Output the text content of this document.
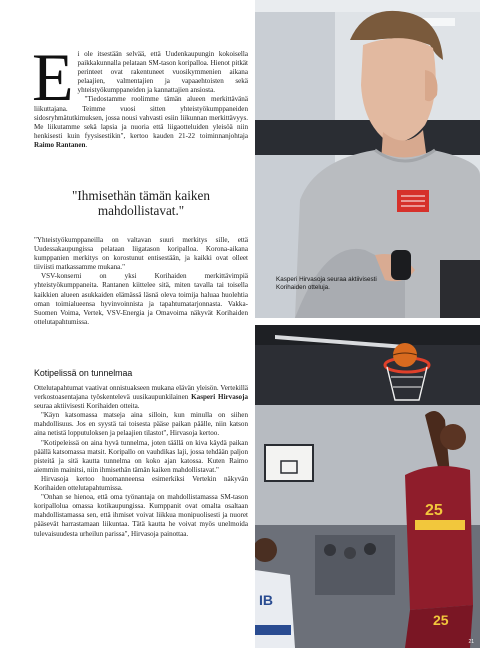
E i ole itsestään selvää, että Uudenkaupungin kokoisella paikkakunnalla pelataan SM-tason koripalloa. Hienot pitkät perinteet ovat rakentuneet vuosikymmenien aikana pelaajien, valmentajien ja vapaaehtoisten sekä yhteistyökumppaneiden ja kannattajien ansiosta.

"Tiedostamme roolimme tämän alueen merkittävänä liikuttajana. Teimme vuosi sitten yhteistyökumppaneiden sidosryhmätutkimuksen, jossa nousi vahvasti esiin liikunnan merkittävyys. Me liikutamme sekä lapsia ja nuoria että liigaotteluiden yleisöä niin henkisesti kuin fyysisestikin", kertoo kauden 21-22 toiminnanjohtaja Raimo Rantanen.

"Ihmisethän tämän kaiken mahdollistavat."

"Yhteistyökumppaneilla on valtavan suuri merkitys sille, että Uudessakaupungissa pelataan liigatason koripalloa. Korona-aikana kumppanien merkitys on korostunut entisestään, ja kaikki ovat olleet tiiviisti matkassamme mukana."

VSV-konserni on yksi Korihaiden merkittävimpiä yhteistyökumppaneita. Rantanen kiittelee sitä, miten tavalla tai toisella kaikkien alueen asukkaiden elämässä läsnä oleva toimija haluaa huolehtia oman toimialueensa hyvinvoinnista ja tapahtumatarjonnasta. Vakka-Suomen Voima, Vertek, VSV-Energia ja Omavoima näkyvät Korihaiden ottelutapahtumissa.

Kotipelissä on tunnelmaa

Ottelutapahtumat vaativat onnistuakseen mukana elävän yleisön. Vertekillä verkostoasentajana työskentelevä uusikaupunkilainen Kasperi Hirvasoja seuraa aktiivisesti Korihaiden otteita.

"Käyn katsomassa matseja aina silloin, kun minulla on siihen mahdollisuus. Jos en syystä tai toisesta pääse paikan päälle, niin katson aina netistä lopputuloksen ja pelaajien tilastot", Hirvasoja kertoo.

"Kotipeleissä on aina hyvä tunnelma, joten täällä on kiva käydä paikan päällä katsomassa matsit. Koripallo on vauhdikas laji, jossa tehdään paljon pisteitä ja sitä kautta tunnelma on koko ajan katossa. Kuten Raimo aiemmin mainitsi, niin ihmisethän tämän kaiken mahdollistavat."

Hirvasoja kertoo huomanneensa esimerkiksi Vertekin näkyvän Korihaiden ottelutapahtumissa.

"Onhan se hienoa, että oma työnantaja on mahdollistamassa SM-tason koripallolua omassa kotikaupungissa. Kumppanit ovat omalta osaltaan mahdollistamassa sen, että ihmiset voivat liikkua monipuolisesti ja nuoret pääsevät harrastamaan liikuntaa. Tätä kautta he voivat myös unelmoida tulevaisuudesta urheilun parissa", Hirvasoja painottaa.

Kasperi Hirvasoja seuraa aktiivisesti Korihaiden otteluja.
25
25
IB
21
